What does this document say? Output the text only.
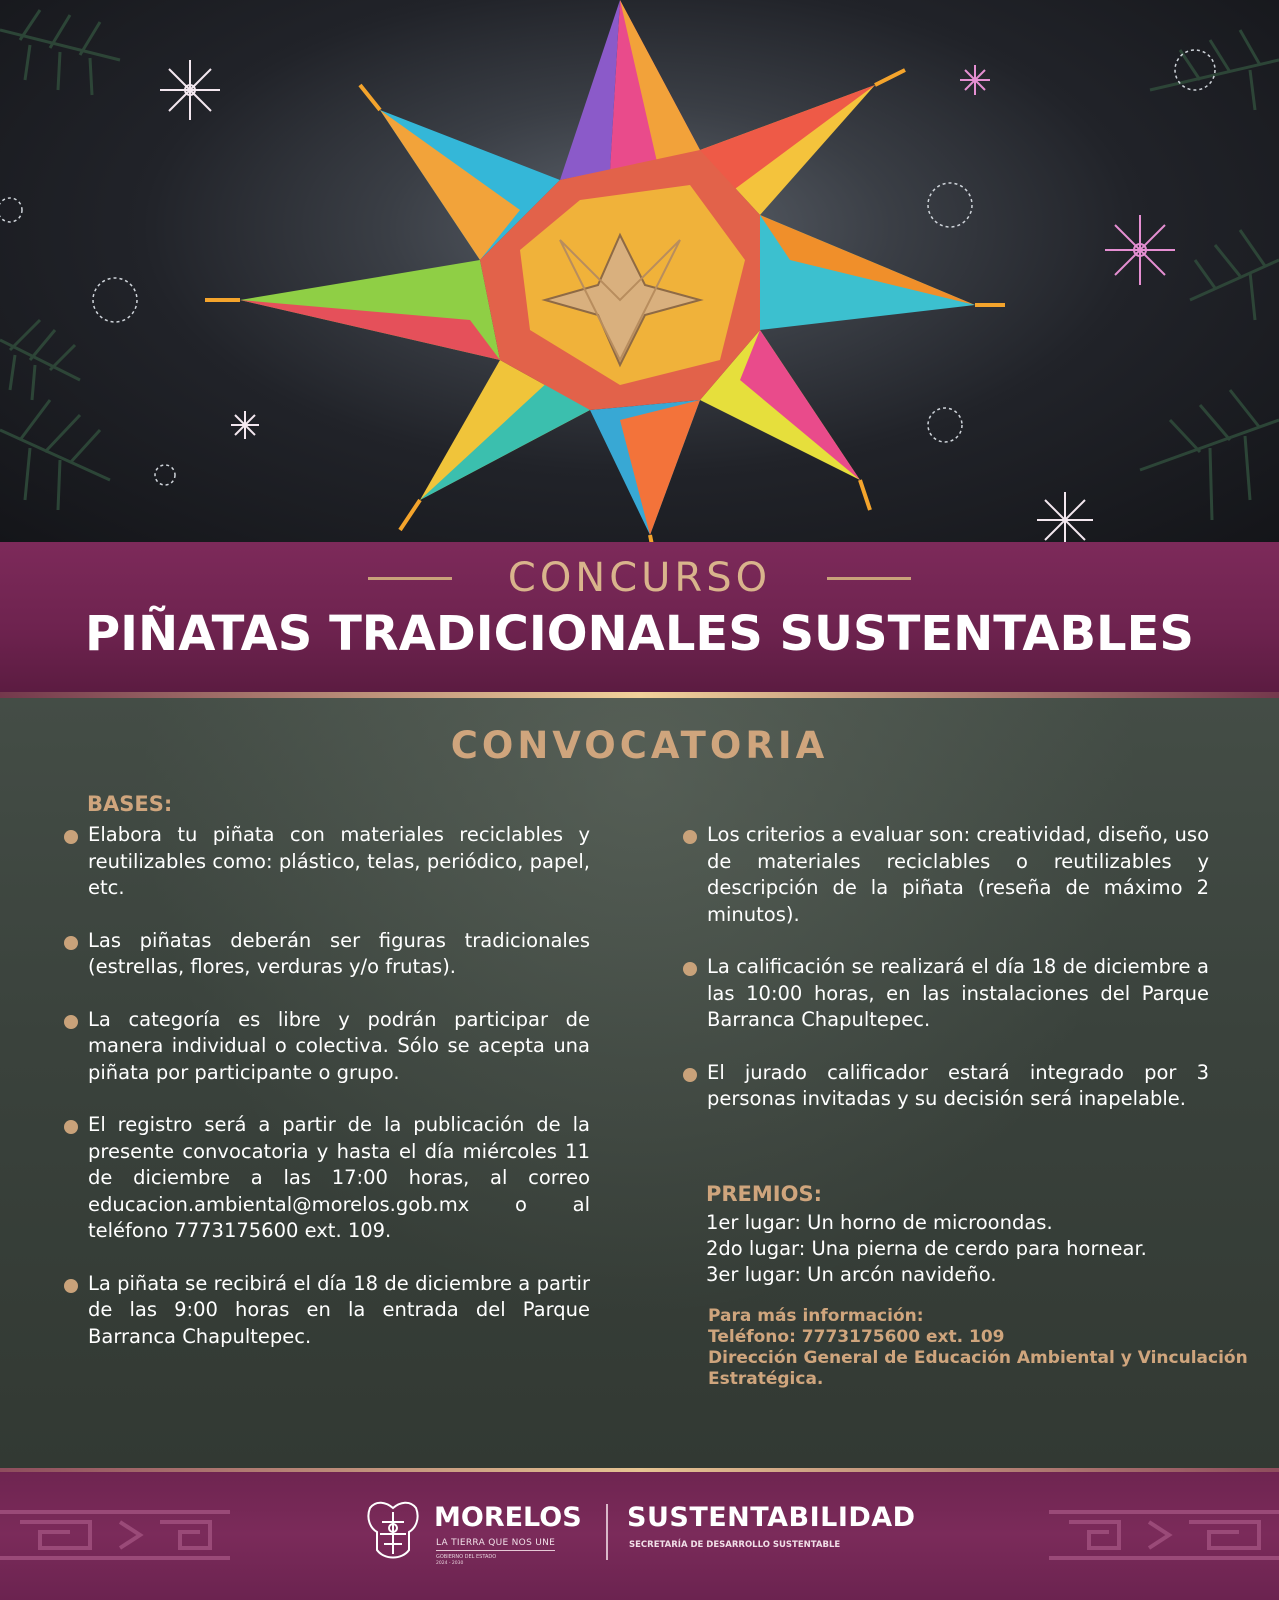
CONCURSO

PIÑATAS TRADICIONALES SUSTENTABLES
CONVOCATORIA

BASES:

Elabora tu piñata con materiales reciclables y reutilizables como: plástico, telas, periódico, papel, etc.
Las piñatas deberán ser figuras tradicionales (estrellas, flores, verduras y/o frutas).
La categoría es libre y podrán participar de manera individual o colectiva. Sólo se acepta una piñata por participante o grupo.
El registro será a partir de la publicación de la presente convocatoria y hasta el día miércoles 11 de diciembre a las 17:00 horas, al correo educacion.ambiental@morelos.gob.mx o al teléfono 7773175600 ext. 109.
La piñata se recibirá el día 18 de diciembre a partir de las 9:00 horas en la entrada del Parque Barranca Chapultepec.
Los criterios a evaluar son: creatividad, diseño, uso de materiales reciclables o reutilizables y descripción de la piñata (reseña de máximo 2 minutos).
La calificación se realizará el día 18 de diciembre a las 10:00 horas, en las instalaciones del Parque Barranca Chapultepec.
El jurado calificador estará integrado por 3 personas invitadas y su decisión será inapelable.

PREMIOS:

1er lugar: Un horno de microondas.
2do lugar: Una pierna de cerdo para hornear.
3er lugar: Un arcón navideño.
Para más información:
Teléfono: 7773175600 ext. 109
Dirección General de Educación Ambiental y Vinculación
Estratégica.

MORELOS

LA TIERRA QUE NOS UNE

GOBIERNO DEL ESTADO

2024 - 2030

SUSTENTABILIDAD

SECRETARÍA DE DESARROLLO SUSTENTABLE
